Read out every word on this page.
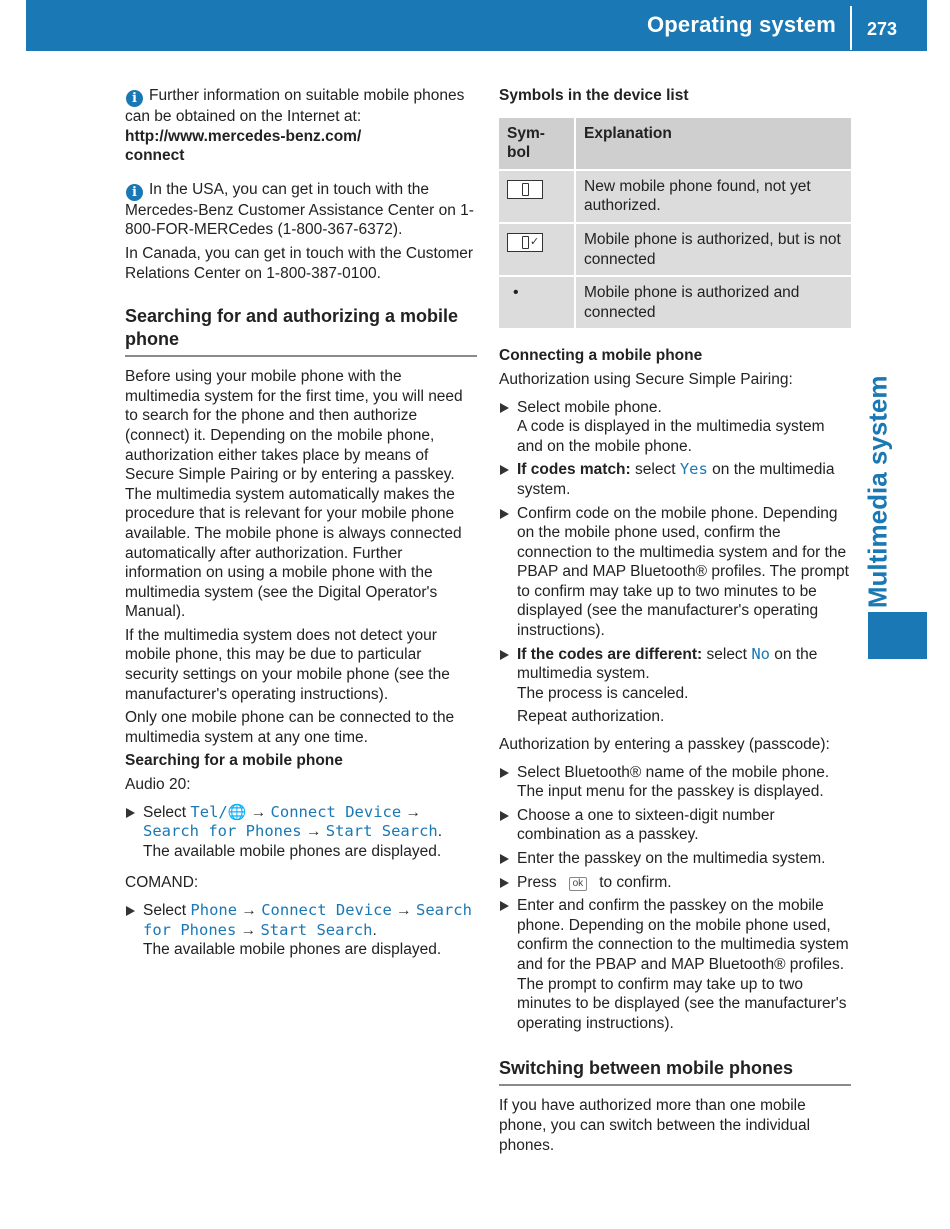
Operating system 273
Multimedia system

i Further information on suitable mobile phones can be obtained on the Internet at:
http://www.mercedes-benz.com/
connect

i In the USA, you can get in touch with the Mercedes-Benz Customer Assistance Center on 1-800-FOR-MERCedes (1-800-367-6372).

In Canada, you can get in touch with the Customer Relations Center on 1-800-387-0100.

Searching for and authorizing a mobile phone

Before using your mobile phone with the multimedia system for the first time, you will need to search for the phone and then authorize (connect) it. Depending on the mobile phone, authorization either takes place by means of Secure Simple Pairing or by entering a passkey. The multimedia system automatically makes the procedure that is relevant for your mobile phone available. The mobile phone is always connected automatically after authorization. Further information on using a mobile phone with the multimedia system (see the Digital Operator's Manual).

If the multimedia system does not detect your mobile phone, this may be due to particular security settings on your mobile phone (see the manufacturer's operating instructions).

Only one mobile phone can be connected to the multimedia system at any one time.

Searching for a mobile phone

Audio 20:

Select Tel/🌐 → Connect Device → Search for Phones → Start Search.
The available mobile phones are displayed.

COMAND:

Select Phone → Connect Device → Search for Phones → Start Search.
The available mobile phones are displayed.
Symbols in the device list
Sym-bol	Explanation

	New mobile phone found, not yet authorized.

✓	Mobile phone is authorized, but is not connected
•	Mobile phone is authorized and connected
Connecting a mobile phone

Authorization using Secure Simple Pairing:

Select mobile phone.
A code is displayed in the multimedia system and on the mobile phone.
If codes match: select Yes on the multimedia system.
Confirm code on the mobile phone. Depending on the mobile phone used, confirm the connection to the multimedia system and for the PBAP and MAP Bluetooth® profiles. The prompt to confirm may take up to two minutes to be displayed (see the manufacturer's operating instructions).
If the codes are different: select No on the multimedia system.
The process is canceled.
Repeat authorization.

Authorization by entering a passkey (passcode):

Select Bluetooth® name of the mobile phone.
The input menu for the passkey is displayed.
Choose a one to sixteen-digit number combination as a passkey.
Enter the passkey on the multimedia system.
Press ok to confirm.
Enter and confirm the passkey on the mobile phone. Depending on the mobile phone used, confirm the connection to the multimedia system and for the PBAP and MAP Bluetooth® profiles. The prompt to confirm may take up to two minutes to be displayed (see the manufacturer's operating instructions).
Switching between mobile phones

If you have authorized more than one mobile phone, you can switch between the individual phones.
